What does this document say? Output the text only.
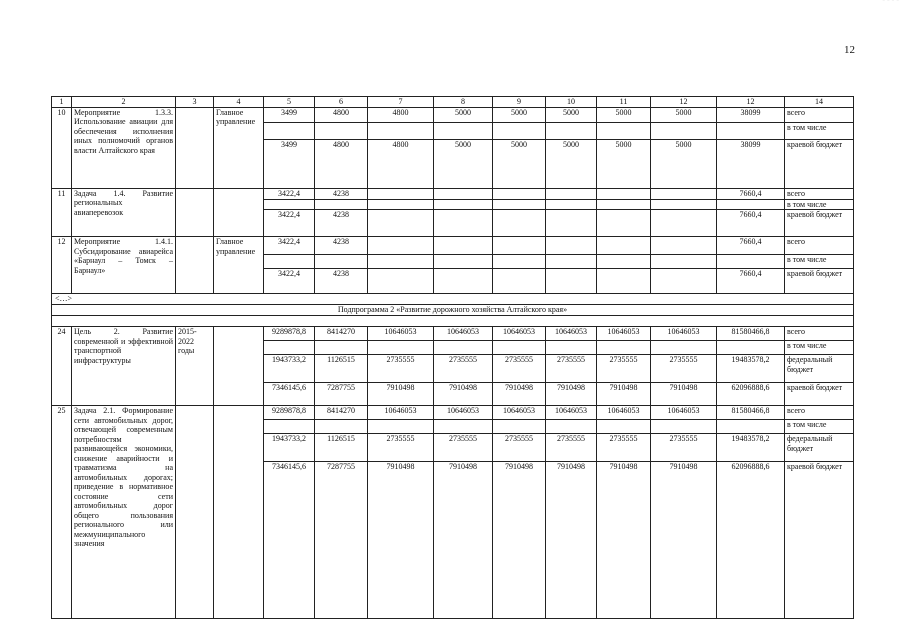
12
1	2	3	4	5	6	7	8	9	10	11	12	12	14
10	Мероприятие 1.3.3. Использование авиации для обеспечения исполнения иных полномочий органов власти Алтайского края		Главное управление	3499	4800	4800	5000	5000	5000	5000	5000	38099	всего
													в том числе
				3499	4800	4800	5000	5000	5000	5000	5000	38099	краевой бюджет
11	Задача 1.4. Развитие региональных авиаперевозок			3422,4	4238							7660,4	всего
													в том числе
				3422,4	4238							7660,4	краевой бюджет
12	Мероприятие 1.4.1. Субсидирование авиарейса «Барнаул – Томск – Барнаул»		Главное управление	3422,4	4238							7660,4	всего
													в том числе
				3422,4	4238							7660,4	краевой бюджет
<…>													
Подпрограмма 2 «Развитие дорожного хозяйства Алтайского края»													

24	Цель 2. Развитие современной и эффективной транспортной инфраструктуры	2015-2022 годы		9289878,8	8414270	10646053	10646053	10646053	10646053	10646053	10646053	81580466,8	всего
													в том числе
				1943733,2	1126515	2735555	2735555	2735555	2735555	2735555	2735555	19483578,2	федеральный бюджет
				7346145,6	7287755	7910498	7910498	7910498	7910498	7910498	7910498	62096888,6	краевой бюджет
25	Задача 2.1. Формирование сети автомобильных дорог, отвечающей современным потребностям развивающейся экономики, снижение аварийности и травматизма на автомобильных дорогах; приведение в нормативное состояние сети автомобильных дорог общего пользования регионального или межмуниципального значения			9289878,8	8414270	10646053	10646053	10646053	10646053	10646053	10646053	81580466,8	всего
													в том числе
				1943733,2	1126515	2735555	2735555	2735555	2735555	2735555	2735555	19483578,2	федеральный бюджет
				7346145,6	7287755	7910498	7910498	7910498	7910498	7910498	7910498	62096888,6	краевой бюджет
